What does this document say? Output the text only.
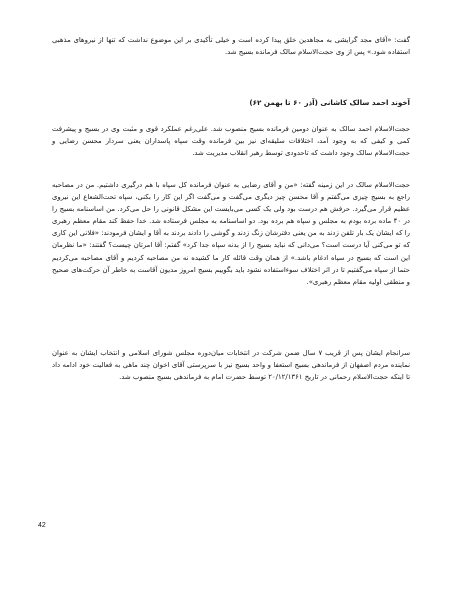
گفت: «آقای مجد گرایشی به مجاهدین خلق پیدا کرده است و خیلی تأکیدی بر این موضوع نداشت که تنها از نیروهای مذهبی استفاده شود.» پس از وی حجت‌الاسلام سالک فرمانده بسیج شد.

آخوند احمد سالک کاشانی (آذر ۶۰ تا بهمن ۶۲)

حجت‌الاسلام احمد سالک به عنوان دومین فرمانده بسیج منصوب شد. علی‌رغم عملکرد قوی و مثبت وی در بسیج و پیشرفت کمی و کیفی که به وجود آمد، اختلافات سلیقه‌ای نیز بین فرمانده وقت سپاه پاسداران یعنی سردار محسن رضایی و حجت‌الاسلام سالک وجود داشت که تاحدودی توسط رهبر انقلاب مدیریت شد.

حجت‌الاسلام سالک در این زمینه گفته: «من و آقای رضایی به عنوان فرمانده کل سپاه با هم درگیری داشتیم. من در مصاحبه راجع به بسیج چیزی می‌گفتم و آقا محسن چیز دیگری می‌گفت و می‌گفت اگر این کار را بکنی، سپاه تحت‌الشعاع این نیروی عظیم قرار می‌گیرد. حرفش هم درست بود ولی یک کسی می‌بایست این مشکل قانونی را حل می‌کرد. من اساسنامه بسیج را در ۴۰ ماده برده بودم به مجلس و سپاه هم برده بود. دو اساسنامه به مجلس فرستاده شد. خدا حفظ کند مقام معظم رهبری را که ایشان یک بار تلفن زدند به من یعنی دفترشان زنگ زدند و گوشی را دادند بردند به آقا و ایشان فرمودند: «فلانی این کاری که تو می‌کنی آیا درست است؟ می‌دانی که نباید بسیج را از بدنه سپاه جدا کرد» گفتم: آقا امرتان چیست؟ گفتند: «ما نظرمان این است که بسیج در سپاه ادغام باشد.» از همان وقت قائله کار ما کشیده نه من مصاحبه کردیم و آقای مصاحبه می‌کردیم حتما از سپاه می‌گفتیم تا در اثر اختلاف سوءاستفاده نشود باید بگوییم بسیج امروز مدیون آقاست به خاطر آن حرکت‌های صحیح و منطقی اولیه مقام معظم رهبری».

سرانجام ایشان پس از قریب ۷ سال ضمن شرکت در انتخابات میان‌دوره مجلس شورای اسلامی و انتخاب ایشان به عنوان نماینده مردم اصفهان از فرماندهی بسیج استعفا و واحد بسیج نیز با سرپرستی آقای اخوان چند ماهی به فعالیت خود ادامه داد تا اینکه حجت‌الاسلام رحمانی در تاریخ ۲۰/۱۲/۱۳۶۱ توسط حضرت امام به فرماندهی بسیج منصوب شد.

42
